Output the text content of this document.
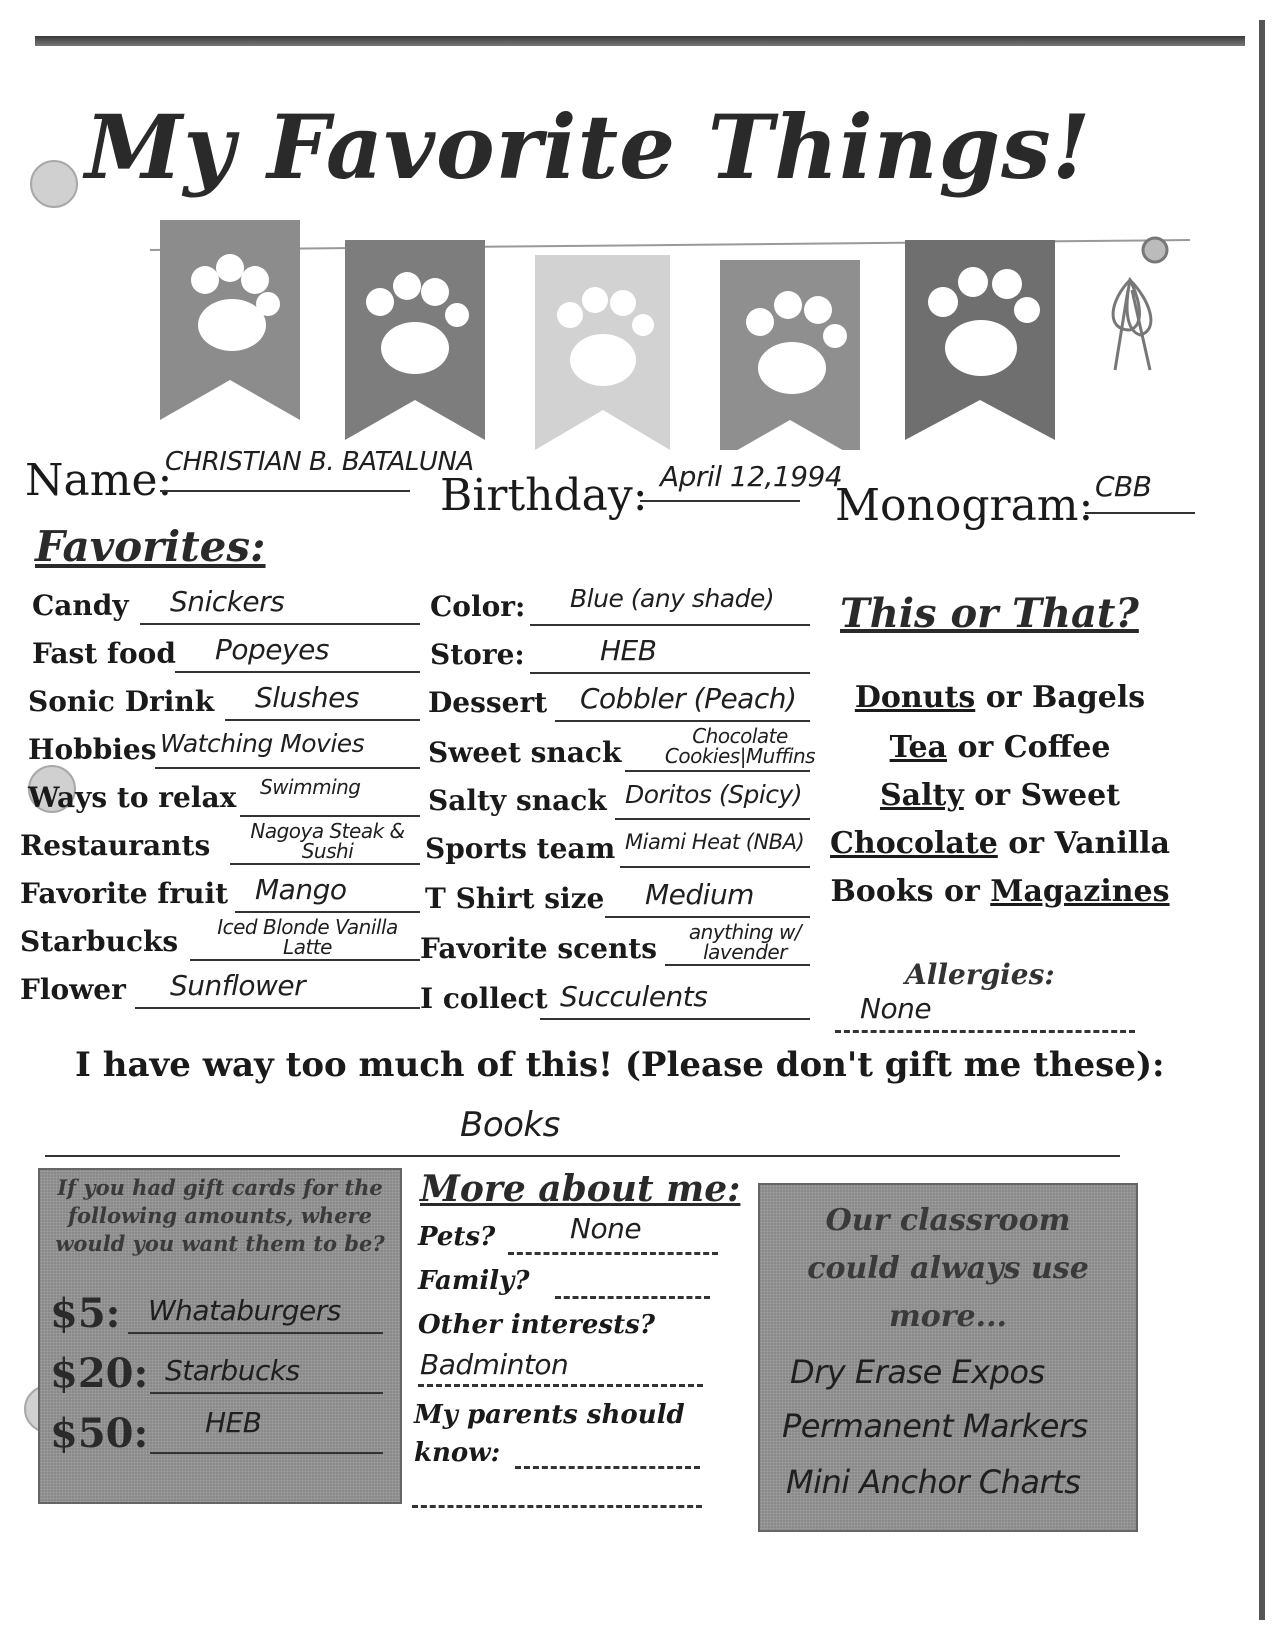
My Favorite Things!
Name:
CHRISTIAN B. BATALUNA
Birthday: April 12,1994
Monogram: CBB
Favorites:
Candy Snickers
Fast food Popeyes
Sonic Drink Slushes
Hobbies Watching Movies
Ways to relax Swimming
Restaurants	Nagoya Steak & Sushi
Favorite fruit Mango
Starbucks	Iced Blonde Vanilla Latte
Flower Sunflower
Color: Blue (any shade)
Store:	HEB
Dessert Cobbler (Peach)
Sweet snack	Chocolate Cookies|Muffins
Salty snack Doritos (Spicy)
Sports team Miami Heat (NBA)
T Shirt size Medium
Favorite scents	anything w/ lavender
I collect Succulents
This or That?
Donuts or Bagels
Tea or Coffee
Salty or Sweet
Chocolate or Vanilla
Books or Magazines
Allergies:
None
I have way too much of this! (Please don't gift me these):
Books
If you had gift cards for the following amounts, where would you want them to be?
$5: Whataburgers
$20: Starbucks
$50: HEB
More about me:
Pets?	None
Family?
Other interests?
Badminton
My parents should know:
Our classroom could always use more...
Dry Erase Expos
Permanent Markers
Mini Anchor Charts
